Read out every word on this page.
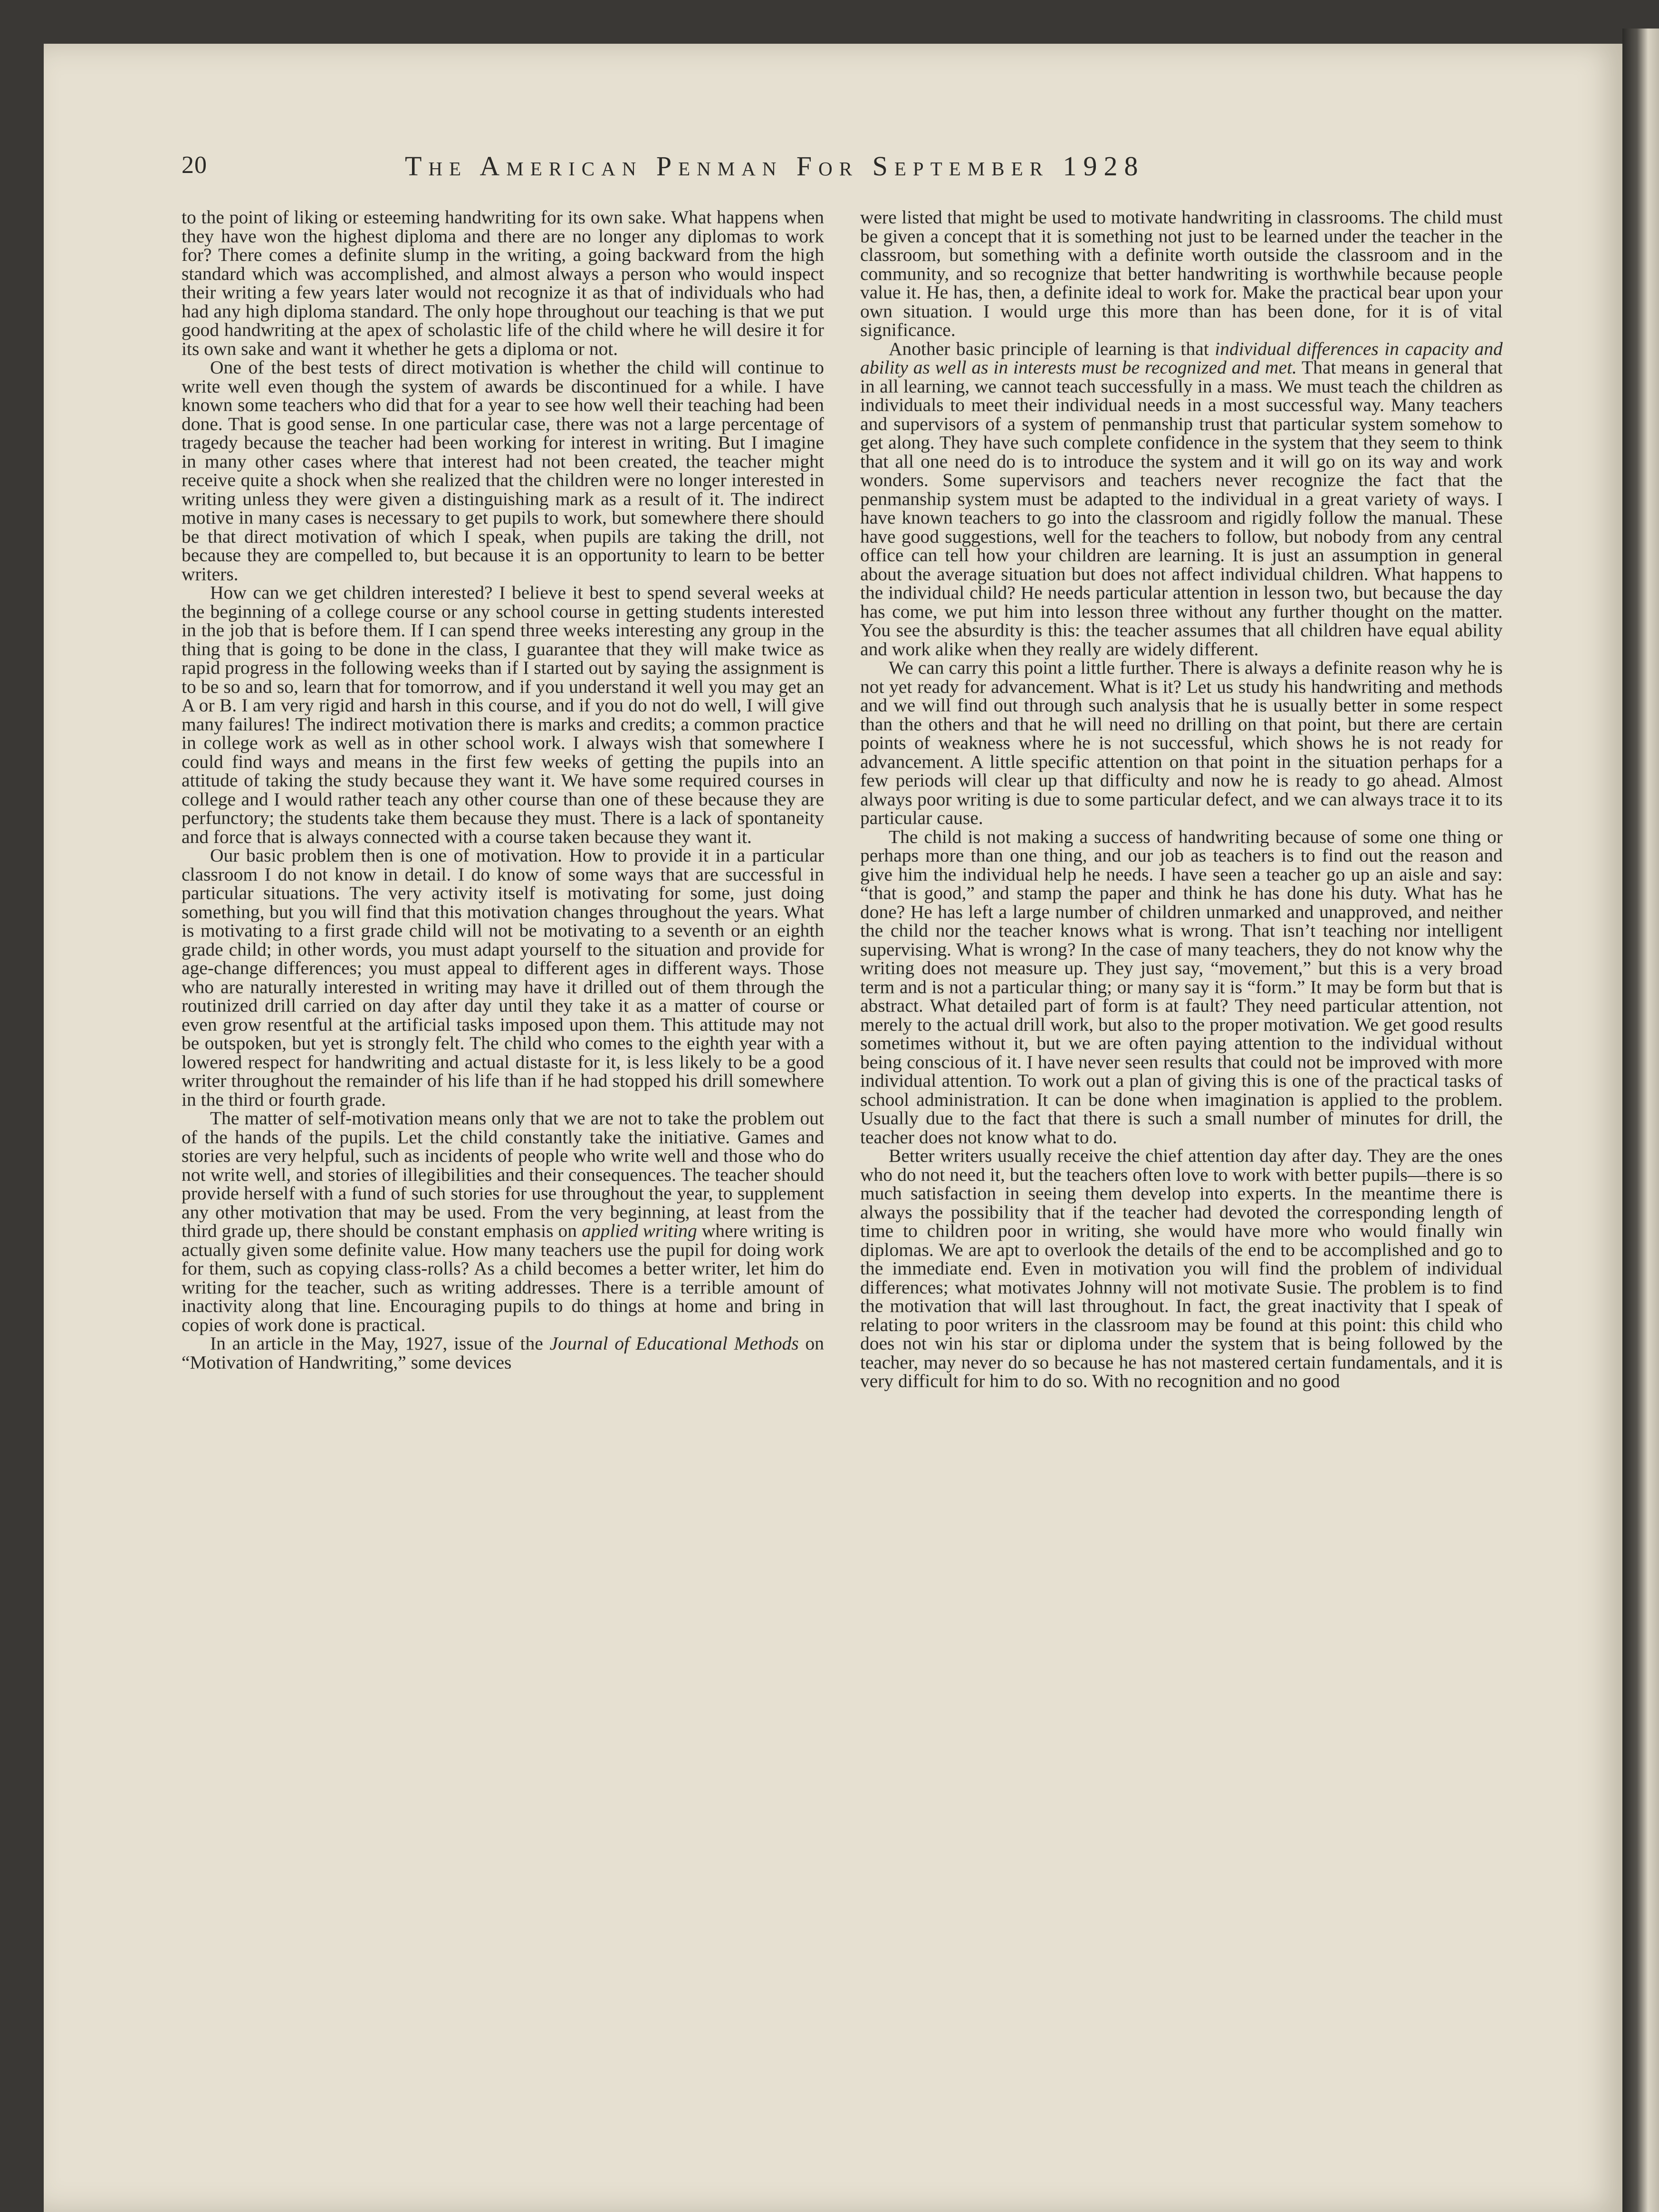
20	The American Penman For September 1928

to the point of liking or esteeming handwriting for its own sake. What happens when they have won the highest diploma and there are no longer any diplomas to work for? There comes a definite slump in the writing, a going backward from the high standard which was accomplished, and almost always a person who would inspect their writing a few years later would not recognize it as that of individuals who had had any high diploma standard. The only hope throughout our teaching is that we put good handwriting at the apex of scholastic life of the child where he will desire it for its own sake and want it whether he gets a diploma or not.

One of the best tests of direct motivation is whether the child will continue to write well even though the system of awards be discontinued for a while. I have known some teachers who did that for a year to see how well their teaching had been done. That is good sense. In one particular case, there was not a large percentage of tragedy because the teacher had been working for interest in writing. But I imagine in many other cases where that interest had not been created, the teacher might receive quite a shock when she realized that the children were no longer interested in writing unless they were given a distinguishing mark as a result of it. The indirect motive in many cases is necessary to get pupils to work, but somewhere there should be that direct motivation of which I speak, when pupils are taking the drill, not because they are compelled to, but because it is an opportunity to learn to be better writers.

How can we get children interested? I believe it best to spend several weeks at the beginning of a college course or any school course in getting students interested in the job that is before them. If I can spend three weeks interesting any group in the thing that is going to be done in the class, I guarantee that they will make twice as rapid progress in the following weeks than if I started out by saying the assignment is to be so and so, learn that for tomorrow, and if you understand it well you may get an A or B. I am very rigid and harsh in this course, and if you do not do well, I will give many failures! The indirect motivation there is marks and credits; a common practice in college work as well as in other school work. I always wish that somewhere I could find ways and means in the first few weeks of getting the pupils into an attitude of taking the study because they want it. We have some required courses in college and I would rather teach any other course than one of these because they are perfunctory; the students take them because they must. There is a lack of spontaneity and force that is always connected with a course taken because they want it.

Our basic problem then is one of motivation. How to provide it in a particular classroom I do not know in detail. I do know of some ways that are successful in particular situations. The very activity itself is motivating for some, just doing something, but you will find that this motivation changes throughout the years. What is motivating to a first grade child will not be motivating to a seventh or an eighth grade child; in other words, you must adapt yourself to the situation and provide for age-change differences; you must appeal to different ages in different ways. Those who are naturally interested in writing may have it drilled out of them through the routinized drill carried on day after day until they take it as a matter of course or even grow resentful at the artificial tasks imposed upon them. This attitude may not be outspoken, but yet is strongly felt. The child who comes to the eighth year with a lowered respect for handwriting and actual distaste for it, is less likely to be a good writer throughout the remainder of his life than if he had stopped his drill somewhere in the third or fourth grade.

The matter of self-motivation means only that we are not to take the problem out of the hands of the pupils. Let the child constantly take the initiative. Games and stories are very helpful, such as incidents of people who write well and those who do not write well, and stories of illegibilities and their consequences. The teacher should provide herself with a fund of such stories for use throughout the year, to supplement any other motivation that may be used. From the very beginning, at least from the third grade up, there should be constant emphasis on applied writing where writing is actually given some definite value. How many teachers use the pupil for doing work for them, such as copying class-rolls? As a child becomes a better writer, let him do writing for the teacher, such as writing addresses. There is a terrible amount of inactivity along that line. Encouraging pupils to do things at home and bring in copies of work done is practical.

In an article in the May, 1927, issue of the Journal of Educational Methods on “Motivation of Handwriting,” some devices

were listed that might be used to motivate handwriting in classrooms. The child must be given a concept that it is something not just to be learned under the teacher in the classroom, but something with a definite worth outside the classroom and in the community, and so recognize that better handwriting is worthwhile because people value it. He has, then, a definite ideal to work for. Make the practical bear upon your own situation. I would urge this more than has been done, for it is of vital significance.

Another basic principle of learning is that individual differences in capacity and ability as well as in interests must be recognized and met. That means in general that in all learning, we cannot teach successfully in a mass. We must teach the children as individuals to meet their individual needs in a most successful way. Many teachers and supervisors of a system of penmanship trust that particular system somehow to get along. They have such complete confidence in the system that they seem to think that all one need do is to introduce the system and it will go on its way and work wonders. Some supervisors and teachers never recognize the fact that the penmanship system must be adapted to the individual in a great variety of ways. I have known teachers to go into the classroom and rigidly follow the manual. These have good suggestions, well for the teachers to follow, but nobody from any central office can tell how your children are learning. It is just an assumption in general about the average situation but does not affect individual children. What happens to the individual child? He needs particular attention in lesson two, but because the day has come, we put him into lesson three without any further thought on the matter. You see the absurdity is this: the teacher assumes that all children have equal ability and work alike when they really are widely different.

We can carry this point a little further. There is always a definite reason why he is not yet ready for advancement. What is it? Let us study his handwriting and methods and we will find out through such analysis that he is usually better in some respect than the others and that he will need no drilling on that point, but there are certain points of weakness where he is not successful, which shows he is not ready for advancement. A little specific attention on that point in the situation perhaps for a few periods will clear up that difficulty and now he is ready to go ahead. Almost always poor writing is due to some particular defect, and we can always trace it to its particular cause.

The child is not making a success of handwriting because of some one thing or perhaps more than one thing, and our job as teachers is to find out the reason and give him the individual help he needs. I have seen a teacher go up an aisle and say: “that is good,” and stamp the paper and think he has done his duty. What has he done? He has left a large number of children unmarked and unapproved, and neither the child nor the teacher knows what is wrong. That isn’t teaching nor intelligent supervising. What is wrong? In the case of many teachers, they do not know why the writing does not measure up. They just say, “movement,” but this is a very broad term and is not a particular thing; or many say it is “form.” It may be form but that is abstract. What detailed part of form is at fault? They need particular attention, not merely to the actual drill work, but also to the proper motivation. We get good results sometimes without it, but we are often paying attention to the individual without being conscious of it. I have never seen results that could not be improved with more individual attention. To work out a plan of giving this is one of the practical tasks of school administration. It can be done when imagination is applied to the problem. Usually due to the fact that there is such a small number of minutes for drill, the teacher does not know what to do.

Better writers usually receive the chief attention day after day. They are the ones who do not need it, but the teachers often love to work with better pupils—there is so much satisfaction in seeing them develop into experts. In the meantime there is always the possibility that if the teacher had devoted the corresponding length of time to children poor in writing, she would have more who would finally win diplomas. We are apt to overlook the details of the end to be accomplished and go to the immediate end. Even in motivation you will find the problem of individual differences; what motivates Johnny will not motivate Susie. The problem is to find the motivation that will last throughout. In fact, the great inactivity that I speak of relating to poor writers in the classroom may be found at this point: this child who does not win his star or diploma under the system that is being followed by the teacher, may never do so because he has not mastered certain fundamentals, and it is very difficult for him to do so. With no recognition and no good
